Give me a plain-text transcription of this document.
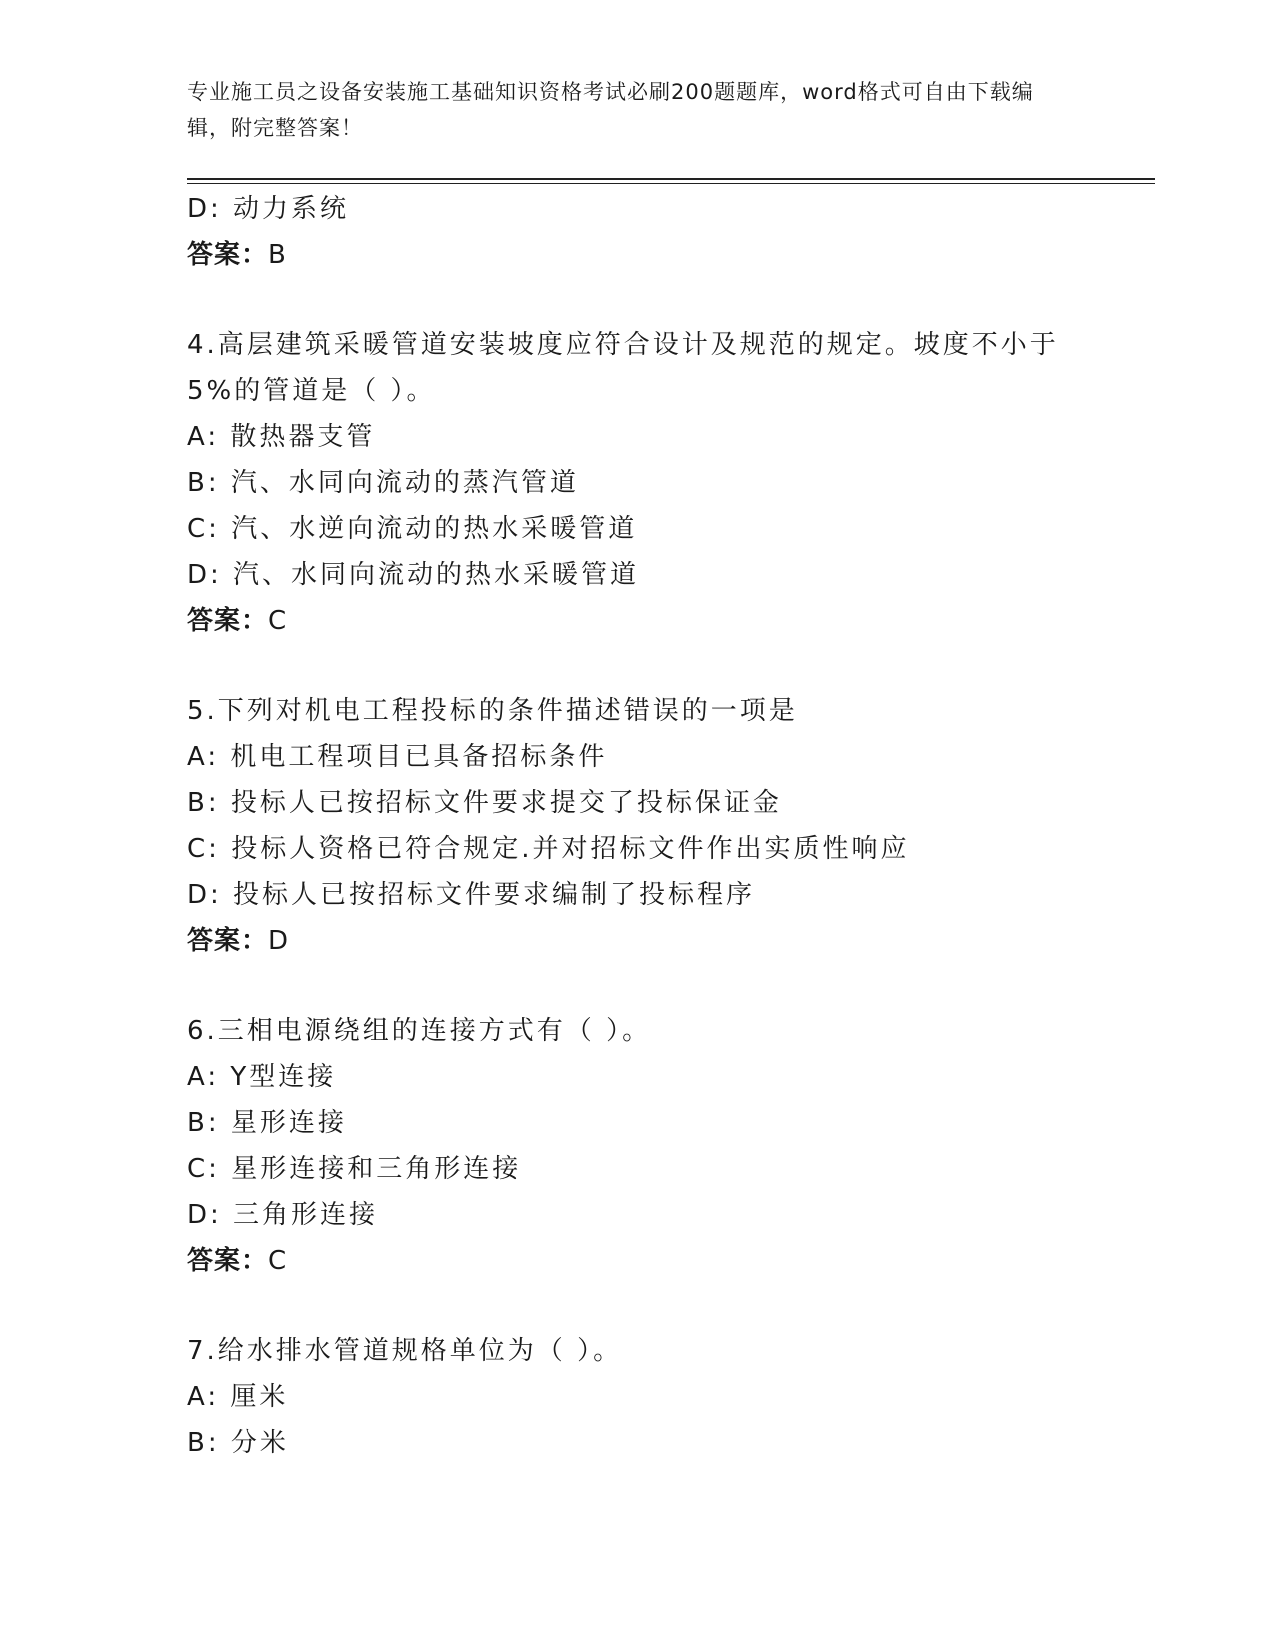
专业施工员之设备安装施工基础知识资格考试必刷200题题库，word格式可自由下载编辑，附完整答案！
D: 动力系统
答案：B
4.高层建筑采暖管道安装坡度应符合设计及规范的规定。坡度不小于5%的管道是（ ）。
A: 散热器支管
B: 汽、水同向流动的蒸汽管道
C: 汽、水逆向流动的热水采暖管道
D: 汽、水同向流动的热水采暖管道
答案：C
5.下列对机电工程投标的条件描述错误的一项是
A: 机电工程项目已具备招标条件
B: 投标人已按招标文件要求提交了投标保证金
C: 投标人资格已符合规定.并对招标文件作出实质性响应
D: 投标人已按招标文件要求编制了投标程序
答案：D
6.三相电源绕组的连接方式有（ ）。
A: Y型连接
B: 星形连接
C: 星形连接和三角形连接
D: 三角形连接
答案：C
7.给水排水管道规格单位为（ ）。
A: 厘米
B: 分米
